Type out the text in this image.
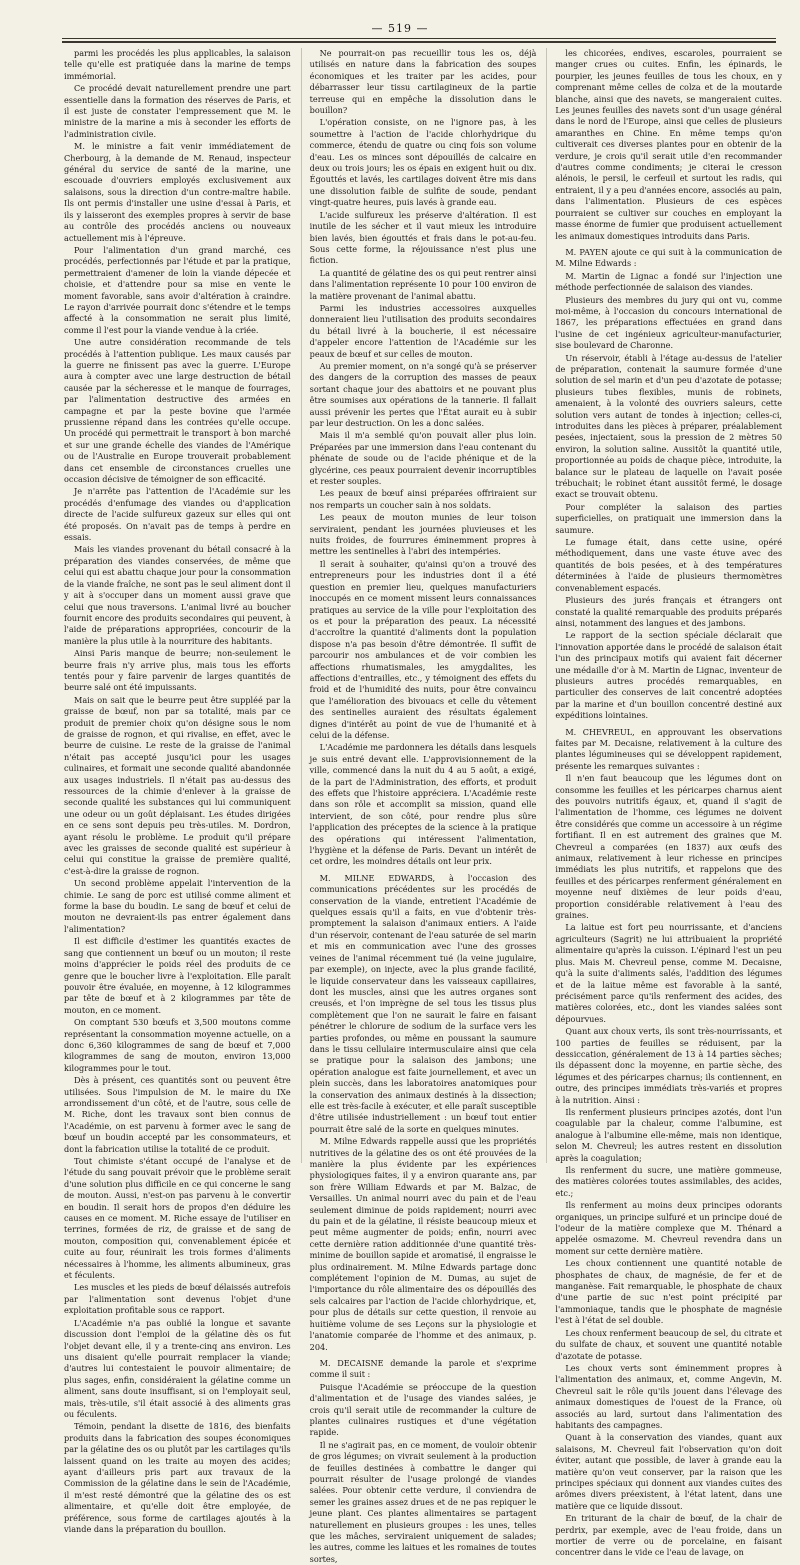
— 519 —

parmi les procédés les plus applicables, la salaison telle qu'elle est pratiquée dans la marine de temps immémorial.

Ce procédé devait naturellement prendre une part essentielle dans la formation des réserves de Paris, et il est juste de constater l'empressement que M. le ministre de la marine a mis à seconder les efforts de l'administration civile.

M. le ministre a fait venir immédiatement de Cherbourg, à la demande de M. Renaud, inspecteur général du service de santé de la marine, une escouade d'ouvriers employés exclusivement aux salaisons, sous la direction d'un contre-maître habile. Ils ont permis d'installer une usine d'essai à Paris, et ils y laisseront des exemples propres à servir de base au contrôle des procédés anciens ou nouveaux actuellement mis à l'épreuve.

Pour l'alimentation d'un grand marché, ces procédés, perfectionnés par l'étude et par la pratique, permettraient d'amener de loin la viande dépecée et choisie, et d'attendre pour sa mise en vente le moment favorable, sans avoir d'altération à craindre. Le rayon d'arrivée pourrait donc s'étendre et le temps affecté à la consommation ne serait plus limité, comme il l'est pour la viande vendue à la criée.

Une autre considération recommande de tels procédés à l'attention publique. Les maux causés par la guerre ne finissent pas avec la guerre. L'Europe aura à compter avec une large destruction de bétail causée par la sécheresse et le manque de fourrages, par l'alimentation destructive des armées en campagne et par la peste bovine que l'armée prussienne répand dans les contrées qu'elle occupe. Un procédé qui permettrait le transport à bon marché et sur une grande échelle des viandes de l'Amérique ou de l'Australie en Europe trouverait probablement dans cet ensemble de circonstances cruelles une occasion décisive de témoigner de son efficacité.

Je n'arrête pas l'attention de l'Académie sur les procédés d'enfumage des viandes ou d'application directe de l'acide sulfureux gazeux sur elles qui ont été proposés. On n'avait pas de temps à perdre en essais.

Mais les viandes provenant du bétail consacré à la préparation des viandes conservées, de même que celui qui est abattu chaque jour pour la consommation de la viande fraîche, ne sont pas le seul aliment dont il y ait à s'occuper dans un moment aussi grave que celui que nous traversons. L'animal livré au boucher fournit encore des produits secondaires qui peuvent, à l'aide de préparations appropriées, concourir de la manière la plus utile à la nourriture des habitants.

Ainsi Paris manque de beurre; non-seulement le beurre frais n'y arrive plus, mais tous les efforts tentés pour y faire parvenir de larges quantités de beurre salé ont été impuissants.

Mais on sait que le beurre peut être suppléé par la graisse de bœuf, non par sa totalité, mais par ce produit de premier choix qu'on désigne sous le nom de graisse de rognon, et qui rivalise, en effet, avec le beurre de cuisine. Le reste de la graisse de l'animal n'était pas accepté jusqu'ici pour les usages culinaires, et formait une seconde qualité abandonnée aux usages industriels. Il n'était pas au-dessus des ressources de la chimie d'enlever à la graisse de seconde qualité les substances qui lui communiquent une odeur ou un goût déplaisant. Les études dirigées en ce sens sont depuis peu très-utiles. M. Dordron, ayant résolu le problème. Le produit qu'il prépare avec les graisses de seconde qualité est supérieur à celui qui constitue la graisse de première qualité, c'est-à-dire la graisse de rognon.

Un second problème appelait l'intervention de la chimie. Le sang de porc est utilisé comme aliment et forme la base du boudin. Le sang de bœuf et celui de mouton ne devraient-ils pas entrer également dans l'alimentation?

Il est difficile d'estimer les quantités exactes de sang que contiennent un bœuf ou un mouton; il reste moins d'apprécier le poids réel des produits de ce genre que le boucher livre à l'exploitation. Elle paraît pouvoir être évaluée, en moyenne, à 12 kilogrammes par tête de bœuf et à 2 kilogrammes par tête de mouton, en ce moment.

On comptant 530 bœufs et 3,500 moutons comme représentant la consommation moyenne actuelle, on a donc 6,360 kilogrammes de sang de bœuf et 7,000 kilogrammes de sang de mouton, environ 13,000 kilogrammes pour le tout.

Dès à présent, ces quantités sont ou peuvent être utilisées. Sous l'impulsion de M. le maire du IXe arrondissement d'un côté, et de l'autre, sous celle de M. Riche, dont les travaux sont bien connus de l'Académie, on est parvenu à former avec le sang de bœuf un boudin accepté par les consommateurs, et dont la fabrication utilise la totalité de ce produit.

Tout chimiste s'étant occupé de l'analyse et de l'étude du sang pouvait prévoir que le problème serait d'une solution plus difficile en ce qui concerne le sang de mouton. Aussi, n'est-on pas parvenu à le convertir en boudin. Il serait hors de propos d'en déduire les causes en ce moment. M. Riche essaye de l'utiliser en terrines, formées de riz, de graisse et de sang de mouton, composition qui, convenablement épicée et cuite au four, réunirait les trois formes d'aliments nécessaires à l'homme, les aliments albumineux, gras et féculents.

Les muscles et les pieds de bœuf délaissés autrefois par l'alimentation sont devenus l'objet d'une exploitation profitable sous ce rapport.

L'Académie n'a pas oublié la longue et savante discussion dont l'emploi de la gélatine dès os fut l'objet devant elle, il y a trente-cinq ans environ. Les uns disaient qu'elle pourrait remplacer la viande; d'autres lui contestaient le pouvoir alimentaire; de plus sages, enfin, considéraient la gélatine comme un aliment, sans doute insuffisant, si on l'employait seul, mais, très-utile, s'il était associé à des aliments gras ou féculents.

Témoin, pendant la disette de 1816, des bienfaits produits dans la fabrication des soupes économiques par la gélatine des os ou plutôt par les cartilages qu'ils laissent quand on les traite au moyen des acides; ayant d'ailleurs pris part aux travaux de la Commission de la gélatine dans le sein de l'Académie, il m'est resté démontré que la gélatine des os est alimentaire, et qu'elle doit être employée, de préférence, sous forme de cartilages ajoutés à la viande dans la préparation du bouillon.

Ne pourrait-on pas recueillir tous les os, déjà utilisés en nature dans la fabrication des soupes économiques et les traiter par les acides, pour débarrasser leur tissu cartilagineux de la partie terreuse qui en empêche la dissolution dans le bouillon?

L'opération consiste, on ne l'ignore pas, à les soumettre à l'action de l'acide chlorhydrique du commerce, étendu de quatre ou cinq fois son volume d'eau. Les os minces sont dépouillés de calcaire en deux ou trois jours; les os épais en exigent huit ou dix. Égouttés et lavés, les cartilages doivent être mis dans une dissolution faible de sulfite de soude, pendant vingt-quatre heures, puis lavés à grande eau.

L'acide sulfureux les préserve d'altération. Il est inutile de les sécher et il vaut mieux les introduire bien lavés, bien égouttés et frais dans le pot-au-feu. Sous cette forme, la réjouissance n'est plus une fiction.

La quantité de gélatine des os qui peut rentrer ainsi dans l'alimentation représente 10 pour 100 environ de la matière provenant de l'animal abattu.

Parmi les industries accessoires auxquelles donneraient lieu l'utilisation des produits secondaires du bétail livré à la boucherie, il est nécessaire d'appeler encore l'attention de l'Académie sur les peaux de bœuf et sur celles de mouton.

Au premier moment, on n'a songé qu'à se préserver des dangers de la corruption des masses de peaux sortant chaque jour des abattoirs et ne pouvant plus être soumises aux opérations de la tannerie. Il fallait aussi prévenir les pertes que l'État aurait eu à subir par leur destruction. On les a donc salées.

Mais il m'a semblé qu'on pouvait aller plus loin. Préparées par une immersion dans l'eau contenant du phénate de soude ou de l'acide phénique et de la glycérine, ces peaux pourraient devenir incorruptibles et rester souples.

Les peaux de bœuf ainsi préparées offriraient sur nos remparts un coucher sain à nos soldats.

Les peaux de mouton munies de leur toison serviraient, pendant les journées pluvieuses et les nuits froides, de fourrures éminemment propres à mettre les sentinelles à l'abri des intempéries.

Il serait à souhaiter, qu'ainsi qu'on a trouvé des entrepreneurs pour les industries dont il a été question en premier lieu, quelques manufacturiers inoccupés en ce moment missent leurs connaissances pratiques au service de la ville pour l'exploitation des os et pour la préparation des peaux. La nécessité d'accroître la quantité d'aliments dont la population dispose n'a pas besoin d'être démontrée. Il suffit de parcourir nos ambulances et de voir combien les affections rhumatismales, les amygdalites, les affections d'entrailles, etc., y témoignent des effets du froid et de l'humidité des nuits, pour être convaincu que l'amélioration des bivouacs et celle du vêtement des sentinelles auraient des résultats également dignes d'intérêt au point de vue de l'humanité et à celui de la défense.

L'Académie me pardonnera les détails dans lesquels je suis entré devant elle. L'approvisionnement de la ville, commencé dans la nuit du 4 au 5 août, a exigé, de la part de l'Administration, des efforts, et produit des effets que l'histoire appréciera. L'Académie reste dans son rôle et accomplit sa mission, quand elle intervient, de son côté, pour rendre plus sûre l'application des préceptes de la science à la pratique des opérations qui intéressent l'alimentation, l'hygiène et la défense de Paris. Devant un intérêt de cet ordre, les moindres détails ont leur prix.

M. MILNE EDWARDS, à l'occasion des communications précédentes sur les procédés de conservation de la viande, entretient l'Académie de quelques essais qu'il a faits, en vue d'obtenir très-promptement la salaison d'animaux entiers. A l'aide d'un réservoir, contenant de l'eau saturée de sel marin et mis en communication avec l'une des grosses veines de l'animal récemment tué (la veine jugulaire, par exemple), on injecte, avec la plus grande facilité, le liquide conservateur dans les vaisseaux capillaires, dont les muscles, ainsi que les autres organes sont creusés, et l'on imprègne de sel tous les tissus plus complètement que l'on ne saurait le faire en faisant pénétrer le chlorure de sodium de la surface vers les parties profondes, ou même en poussant la saumure dans le tissu cellulaire intermusculaire ainsi que cela se pratique pour la salaison des jambons; une opération analogue est faite journellement, et avec un plein succès, dans les laboratoires anatomiques pour la conservation des animaux destinés à la dissection; elle est très-facile à exécuter, et elle paraît susceptible d'être utilisée industriellement : un bœuf tout entier pourrait être salé de la sorte en quelques minutes.

M. Milne Edwards rappelle aussi que les propriétés nutritives de la gélatine des os ont été prouvées de la manière la plus évidente par les expériences physiologiques faites, il y a environ quarante ans, par son frère William Edwards et par M. Balzac, de Versailles. Un animal nourri avec du pain et de l'eau seulement diminue de poids rapidement; nourri avec du pain et de la gélatine, il résiste beaucoup mieux et peut même augmenter de poids; enfin, nourri avec cette dernière ration additionnée d'une quantité très-minime de bouillon sapide et aromatisé, il engraisse le plus ordinairement. M. Milne Edwards partage donc complétement l'opinion de M. Dumas, au sujet de l'importance du rôle alimentaire des os dépouillés des sels calcaires par l'action de l'acide chlorhydrique, et, pour plus de détails sur cette question, il renvoie au huitième volume de ses Leçons sur la physiologie et l'anatomie comparée de l'homme et des animaux, p. 204.

M. DECAISNE demande la parole et s'exprime comme il suit :

Puisque l'Académie se préoccupe de la question d'alimentation et de l'usage des viandes salées, je crois qu'il serait utile de recommander la culture de plantes culinaires rustiques et d'une végétation rapide.

Il ne s'agirait pas, en ce moment, de vouloir obtenir de gros légumes; on vivrait seulement à la production de feuilles destinées à combattre le danger qui pourrait résulter de l'usage prolongé de viandes salées. Pour obtenir cette verdure, il conviendra de semer les graines assez drues et de ne pas repiquer le jeune plant. Ces plantes alimentaires se partagent naturellement en plusieurs groupes : les unes, telles que les mâches, serviraient uniquement de salades; les autres, comme les laitues et les romaines de toutes sortes,

les chicorées, endives, escaroles, pourraient se manger crues ou cuites. Enfin, les épinards, le pourpier, les jeunes feuilles de tous les choux, en y comprenant même celles de colza et de la moutarde blanche, ainsi que des navets, se mangeraient cuites. Les jeunes feuilles des navets sont d'un usage général dans le nord de l'Europe, ainsi que celles de plusieurs amaranthes en Chine. En même temps qu'on cultiverait ces diverses plantes pour en obtenir de la verdure, je crois qu'il serait utile d'en recommander d'autres comme condiments; je citerai le cresson alénois, le persil, le cerfeuil et surtout les radis, qui entraient, il y a peu d'années encore, associés au pain, dans l'alimentation. Plusieurs de ces espèces pourraient se cultiver sur couches en employant la masse énorme de fumier que produisent actuellement les animaux domestiques introduits dans Paris.

M. PAYEN ajoute ce qui suit à la communication de M. Milne Edwards :

M. Martin de Lignac a fondé sur l'injection une méthode perfectionnée de salaison des viandes.

Plusieurs des membres du jury qui ont vu, comme moi-même, à l'occasion du concours international de 1867, les préparations effectuées en grand dans l'usine de cet ingénieux agriculteur-manufacturier, sise boulevard de Charonne.

Un réservoir, établi à l'étage au-dessus de l'atelier de préparation, contenait la saumure formée d'une solution de sel marin et d'un peu d'azotate de potasse; plusieurs tubes flexibles, munis de robinets, amenaient, à la volonté des ouvriers saleurs, cette solution vers autant de tondes à injection; celles-ci, introduites dans les pièces à préparer, préalablement pesées, injectaient, sous la pression de 2 mètres 50 environ, la solution saline. Aussitôt la quantité utile, proportionnée au poids de chaque pièce, introduite, la balance sur le plateau de laquelle on l'avait posée trébuchait; le robinet étant aussitôt fermé, le dosage exact se trouvait obtenu.

Pour compléter la salaison des parties superficielles, on pratiquait une immersion dans la saumure.

Le fumage était, dans cette usine, opéré méthodiquement, dans une vaste étuve avec des quantités de bois pesées, et à des températures déterminées à l'aide de plusieurs thermomètres convenablement espacés.

Plusieurs des jurés français et étrangers ont constaté la qualité remarquable des produits préparés ainsi, notamment des langues et des jambons.

Le rapport de la section spéciale déclarait que l'innovation apportée dans le procédé de salaison était l'un des principaux motifs qui avaient fait décerner une médaille d'or à M. Martin de Lignac, inventeur de plusieurs autres procédés remarquables, en particulier des conserves de lait concentré adoptées par la marine et d'un bouillon concentré destiné aux expéditions lointaines.

M. CHEVREUL, en approuvant les observations faites par M. Decaisne, relativement à la culture des plantes légumineuses qui se développent rapidement, présente les remarques suivantes :

Il n'en faut beaucoup que les légumes dont on consomme les feuilles et les péricarpes charnus aient des pouvoirs nutritifs égaux, et, quand il s'agit de l'alimentation de l'homme, ces légumes ne doivent être considérés que comme un accessoire à un régime fortifiant. Il en est autrement des graines que M. Chevreul a comparées (en 1837) aux œufs des animaux, relativement à leur richesse en principes immédiats les plus nutritifs, et rappelons que des feuilles et des péricarpes renferment généralement en moyenne neuf dixièmes de leur poids d'eau, proportion considérable relativement à l'eau des graines.

La laitue est fort peu nourrissante, et d'anciens agriculteurs (Sagrit) ne lui attribuaient la propriété alimentaire qu'après la cuisson. L'épinard l'est un peu plus. Mais M. Chevreul pense, comme M. Decaisne, qu'à la suite d'aliments salés, l'addition des légumes et de la laitue même est favorable à la santé, précisément parce qu'ils renferment des acides, des matières colorées, etc., dont les viandes salées sont dépourvues.

Quant aux choux verts, ils sont très-nourrissants, et 100 parties de feuilles se réduisent, par la dessiccation, généralement de 13 à 14 parties sèches; ils dépassent donc la moyenne, en partie sèche, des légumes et des péricarpes charnus; ils contiennent, en outre, des principes immédiats très-variés et propres à la nutrition. Ainsi :

Ils renferment plusieurs principes azotés, dont l'un coagulable par la chaleur, comme l'albumine, est analogue à l'albumine elle-même, mais non identique, selon M. Chevreul; les autres restent en dissolution après la coagulation;

Ils renferment du sucre, une matière gommeuse, des matières colorées toutes assimilables, des acides, etc.;

Ils renferment au moins deux principes odorants organiques, un principe sulfuré et un principe doué de l'odeur de la matière complexe que M. Thénard a appelée osmazome. M. Chevreul revendra dans un moment sur cette dernière matière.

Les choux contiennent une quantité notable de phosphates de chaux, de magnésie, de fer et de manganèse. Fait remarquable, le phosphate de chaux d'une partie de suc n'est point précipité par l'ammoniaque, tandis que le phosphate de magnésie l'est à l'état de sel double.

Les choux renferment beaucoup de sel, du citrate et du sulfate de chaux, et souvent une quantité notable d'azotate de potasse.

Les choux verts sont éminemment propres à l'alimentation des animaux, et, comme Angevin, M. Chevreul sait le rôle qu'ils jouent dans l'élevage des animaux domestiques de l'ouest de la France, où associés au lard, surtout dans l'alimentation des habitants des campagnes.

Quant à la conservation des viandes, quant aux salaisons, M. Chevreul fait l'observation qu'on doit éviter, autant que possible, de laver à grande eau la matière qu'on veut conserver, par la raison que les principes spéciaux qui donnent aux viandes cuites des arômes divers préexistent, à l'état latent, dans une matière que ce liquide dissout.

En triturant de la chair de bœuf, de la chair de perdrix, par exemple, avec de l'eau froide, dans un mortier de verre ou de porcelaine, en faisant concentrer dans le vide ce l'eau de lavage, on
